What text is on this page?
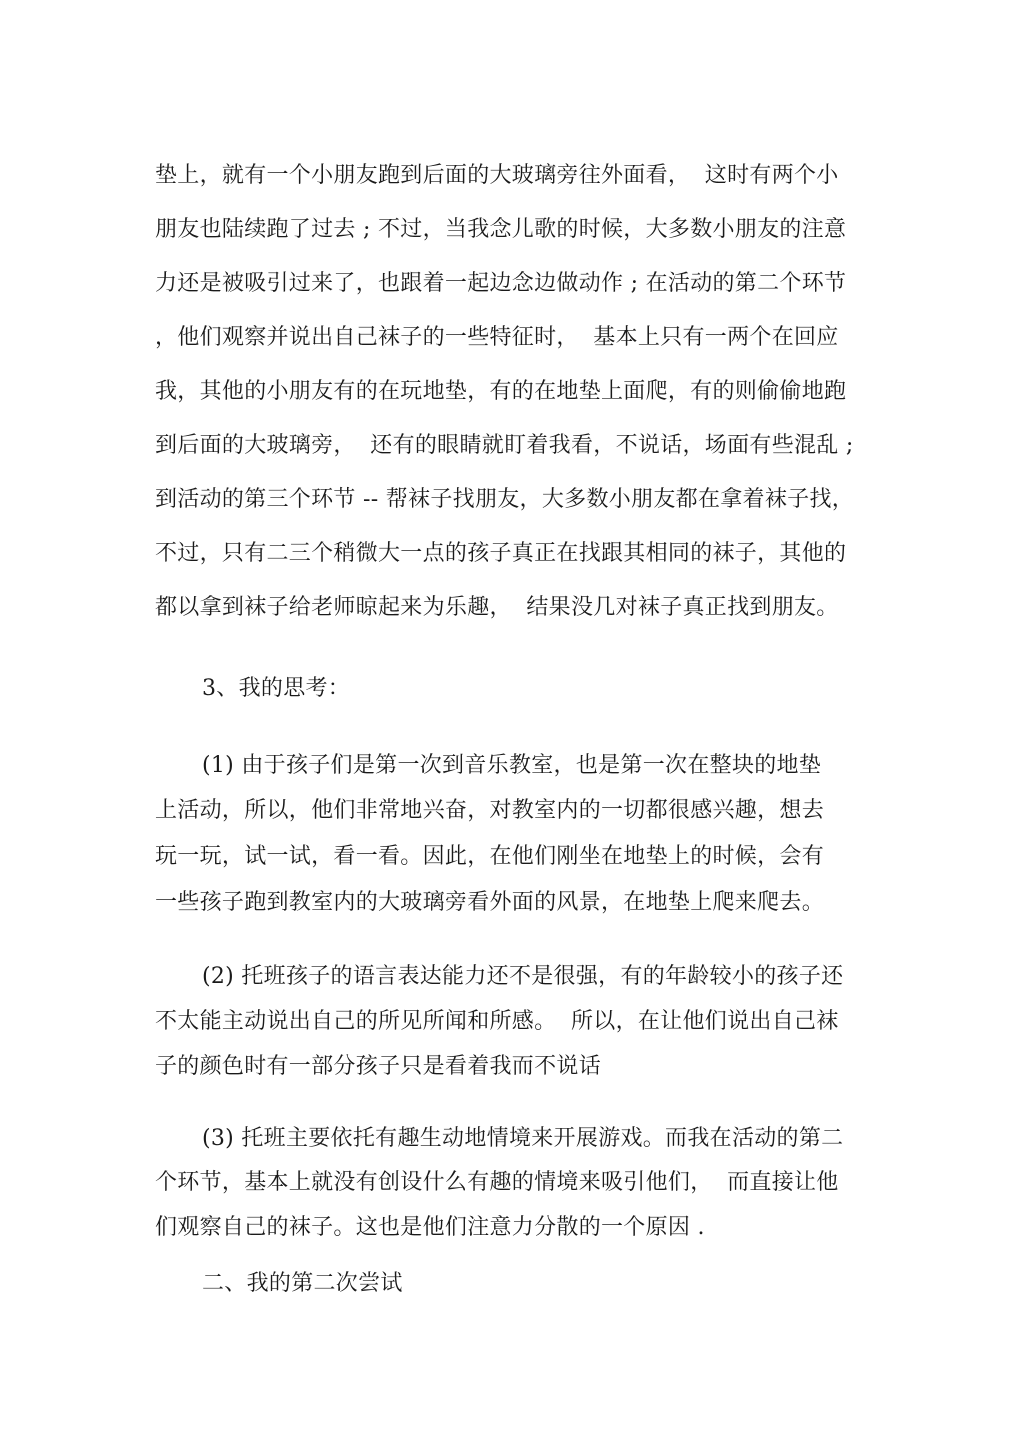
垫上，就有一个小朋友跑到后面的大玻璃旁往外面看，  这时有两个小
朋友也陆续跑了过去 ; 不过，当我念儿歌的时候，大多数小朋友的注意
力还是被吸引过来了，也跟着一起边念边做动作 ; 在活动的第二个环节
，他们观察并说出自己袜子的一些特征时，  基本上只有一两个在回应
我，其他的小朋友有的在玩地垫，有的在地垫上面爬，有的则偷偷地跑
到后面的大玻璃旁，  还有的眼睛就盯着我看，不说话，场面有些混乱 ;
到活动的第三个环节 -- 帮袜子找朋友，大多数小朋友都在拿着袜子找，
不过，只有二三个稍微大一点的孩子真正在找跟其相同的袜子，其他的
都以拿到袜子给老师晾起来为乐趣，  结果没几对袜子真正找到朋友。
3、我的思考：
(1) 由于孩子们是第一次到音乐教室，也是第一次在整块的地垫
上活动，所以，他们非常地兴奋，对教室内的一切都很感兴趣，想去
玩一玩，试一试，看一看。因此，在他们刚坐在地垫上的时候，会有
一些孩子跑到教室内的大玻璃旁看外面的风景，在地垫上爬来爬去。
(2) 托班孩子的语言表达能力还不是很强，有的年龄较小的孩子还
不太能主动说出自己的所见所闻和所感。  所以，在让他们说出自己袜
子的颜色时有一部分孩子只是看着我而不说话
(3) 托班主要依托有趣生动地情境来开展游戏。而我在活动的第二
个环节，基本上就没有创设什么有趣的情境来吸引他们，  而直接让他
们观察自己的袜子。这也是他们注意力分散的一个原因 .
二、我的第二次尝试
